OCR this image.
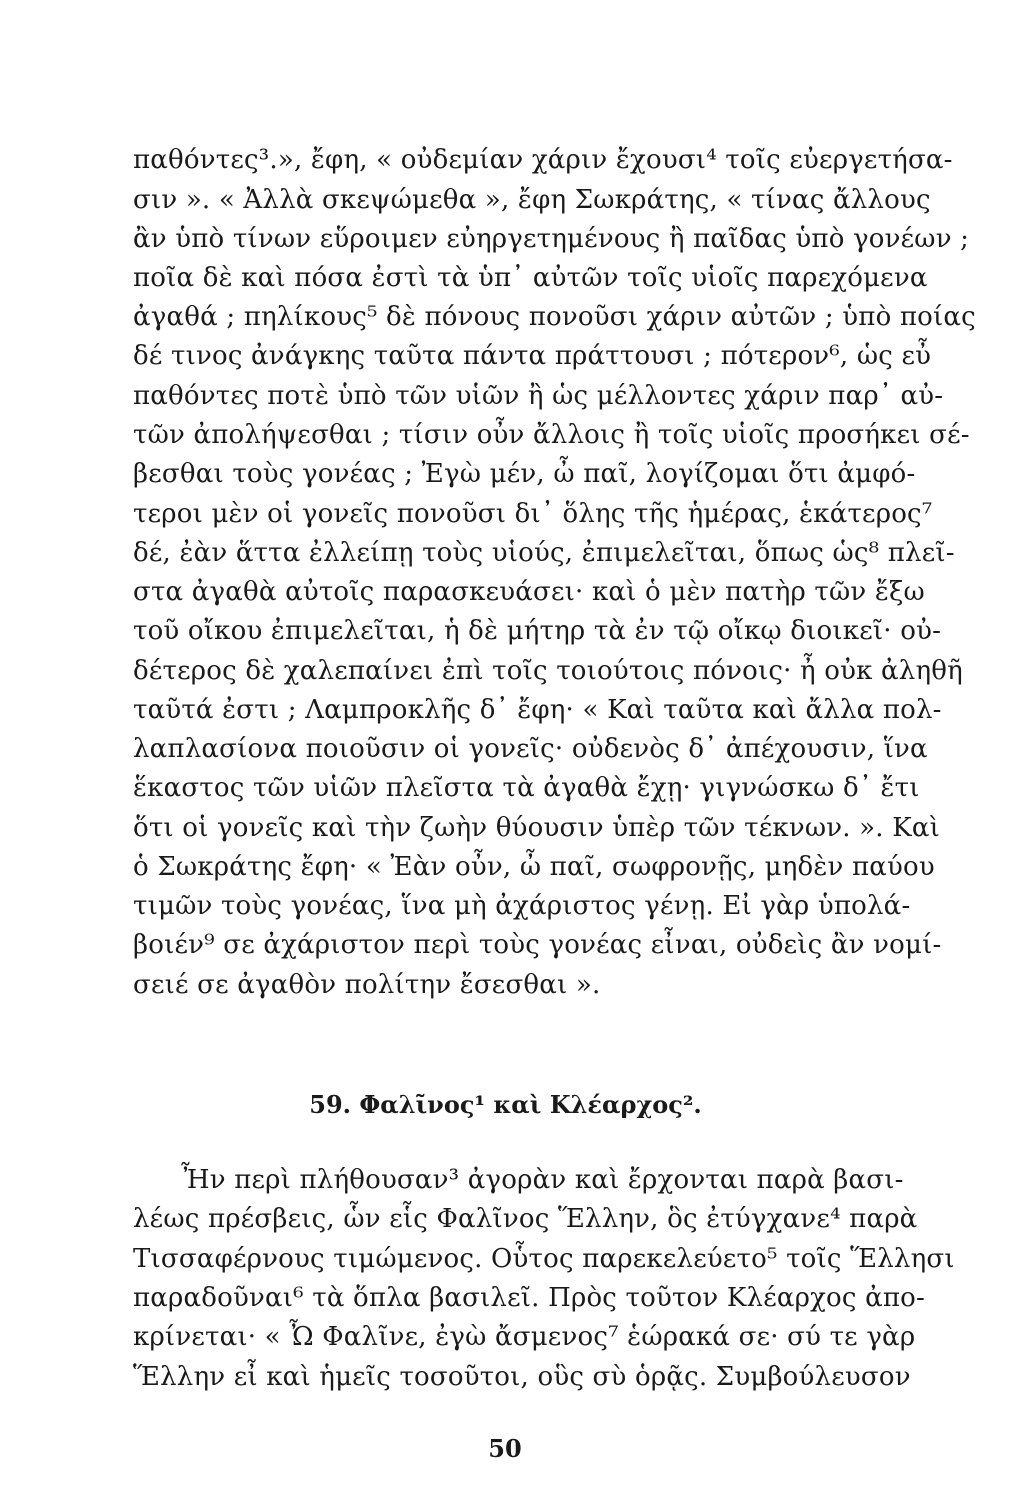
παθόντες³.», ἔφη, « οὐδεμίαν χάριν ἔχουσι⁴ τοῖς εὐεργετήσα-
σιν ». « Ἀλλὰ σκεψώμεθα », ἔφη Σωκράτης, « τίνας ἄλλους
ἂν ὑπὸ τίνων εὕροιμεν εὐηργετημένους ἢ παῖδας ὑπὸ γονέων ;
ποῖα δὲ καὶ πόσα ἐστὶ τὰ ὑπ᾽ αὐτῶν τοῖς υἱοῖς παρεχόμενα
ἀγαθά ; πηλίκους⁵ δὲ πόνους πονοῦσι χάριν αὐτῶν ; ὑπὸ ποίας
δέ τινος ἀνάγκης ταῦτα πάντα πράττουσι ; πότερον⁶, ὡς εὖ
παθόντες ποτὲ ὑπὸ τῶν υἱῶν ἢ ὡς μέλλοντες χάριν παρ᾽ αὐ-
τῶν ἀπολήψεσθαι ; τίσιν οὖν ἄλλοις ἢ τοῖς υἱοῖς προσήκει σέ-
βεσθαι τοὺς γονέας ; Ἐγὼ μέν, ὦ παῖ, λογίζομαι ὅτι ἀμφό-
τεροι μὲν οἱ γονεῖς πονοῦσι δι᾽ ὅλης τῆς ἡμέρας, ἑκάτερος⁷
δέ, ἐὰν ἅττα ἐλλείπῃ τοὺς υἱούς, ἐπιμελεῖται, ὅπως ὡς⁸ πλεῖ-
στα ἀγαθὰ αὐτοῖς παρασκευάσει· καὶ ὁ μὲν πατὴρ τῶν ἔξω
τοῦ οἴκου ἐπιμελεῖται, ἡ δὲ μήτηρ τὰ ἐν τῷ οἴκῳ διοικεῖ· οὐ-
δέτερος δὲ χαλεπαίνει ἐπὶ τοῖς τοιούτοις πόνοις· ἦ οὐκ ἀληθῆ
ταῦτά ἐστι ; Λαμπροκλῆς δ᾽ ἔφη· « Καὶ ταῦτα καὶ ἄλλα πολ-
λαπλασίονα ποιοῦσιν οἱ γονεῖς· οὐδενὸς δ᾽ ἀπέχουσιν, ἵνα
ἕκαστος τῶν υἱῶν πλεῖστα τὰ ἀγαθὰ ἔχῃ· γιγνώσκω δ᾽ ἔτι
ὅτι οἱ γονεῖς καὶ τὴν ζωὴν θύουσιν ὑπὲρ τῶν τέκνων. ». Καὶ
ὁ Σωκράτης ἔφη· « Ἐὰν οὖν, ὦ παῖ, σωφρονῇς, μηδὲν παύου
τιμῶν τοὺς γονέας, ἵνα μὴ ἀχάριστος γένῃ. Εἰ γὰρ ὑπολά-
βοιέν⁹ σε ἀχάριστον περὶ τοὺς γονέας εἶναι, οὐδεὶς ἂν νομί-
σειέ σε ἀγαθὸν πολίτην ἔσεσθαι ».
59. Φαλῖνος¹ καὶ Κλέαρχος².
Ἦν περὶ πλήθουσαν³ ἀγορὰν καὶ ἔρχονται παρὰ βασι-
λέως πρέσβεις, ὧν εἷς Φαλῖνος Ἕλλην, ὃς ἐτύγχανε⁴ παρὰ
Τισσαφέρνους τιμώμενος. Οὗτος παρεκελεύετο⁵ τοῖς Ἕλλησι
παραδοῦναι⁶ τὰ ὅπλα βασιλεῖ. Πρὸς τοῦτον Κλέαρχος ἀπο-
κρίνεται· « Ὦ Φαλῖνε, ἐγὼ ἄσμενος⁷ ἑώρακά σε· σύ τε γὰρ
Ἕλλην εἶ καὶ ἡμεῖς τοσοῦτοι, οὓς σὺ ὁρᾷς. Συμβούλευσον
50
